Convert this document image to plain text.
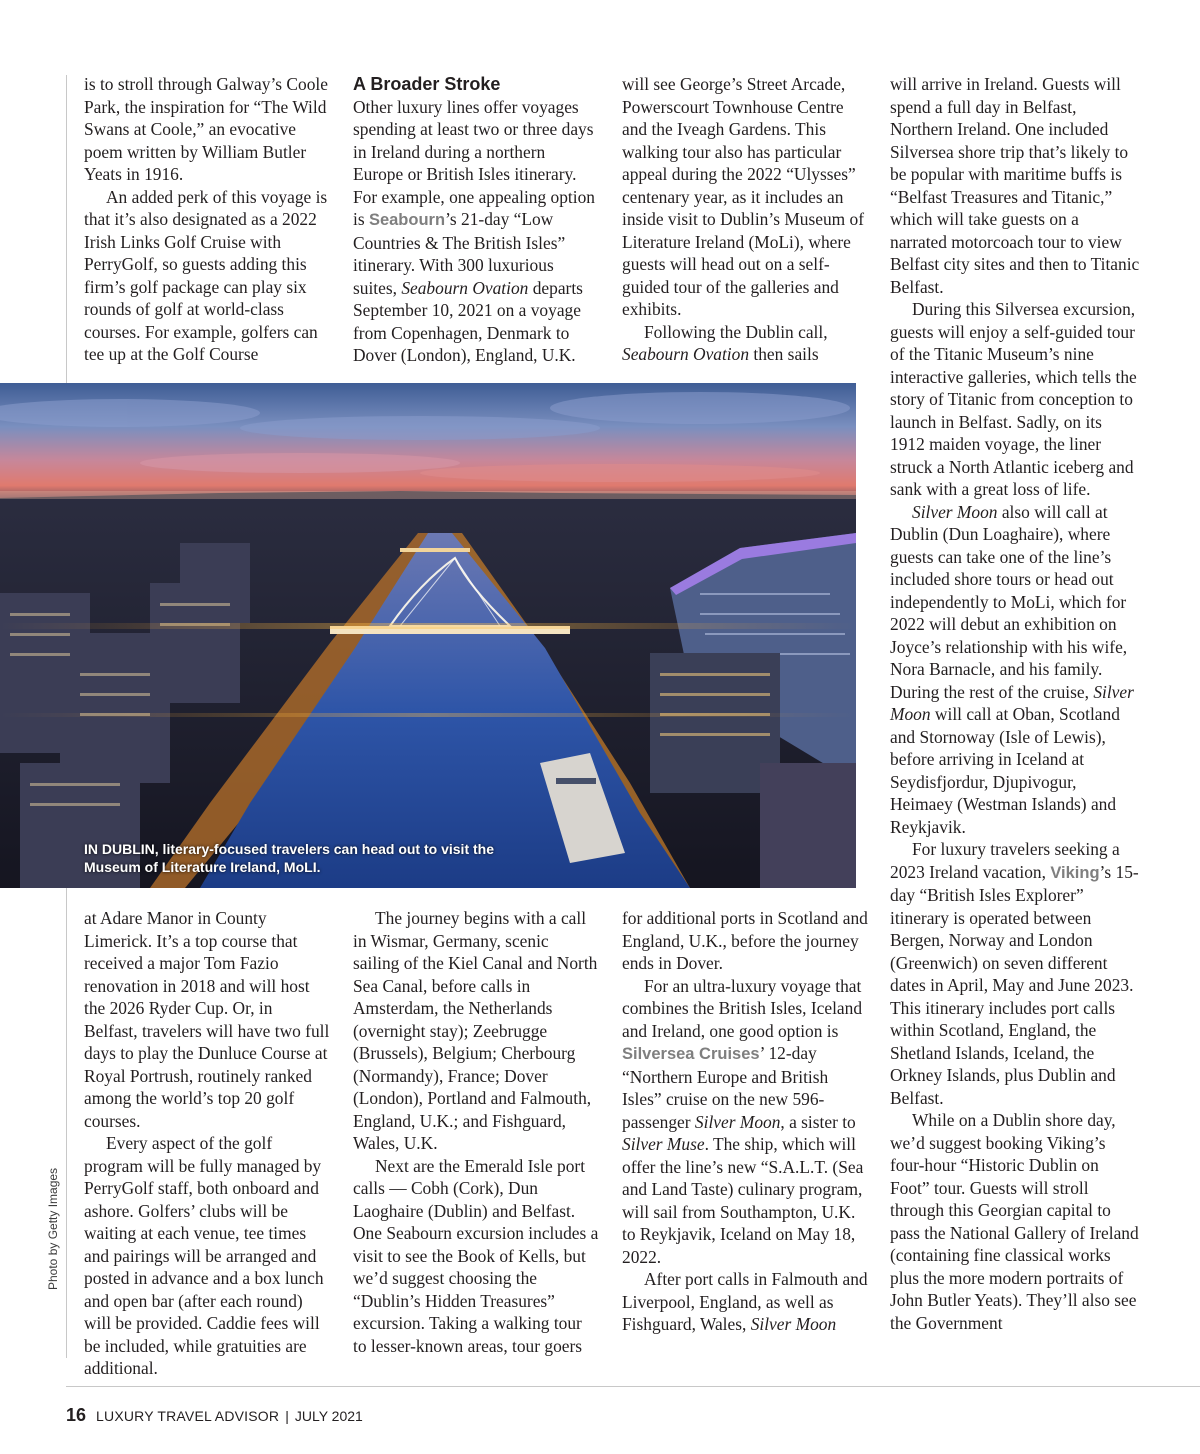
is to stroll through Galway’s Coole Park, the inspiration for “The Wild Swans at Coole,” an evocative poem written by William Butler Yeats in 1916.

An added perk of this voyage is that it’s also designated as a 2022 Irish Links Golf Cruise with PerryGolf, so guests adding this firm’s golf package can play six rounds of golf at world-class courses. For example, golfers can tee up at the Golf Course

A Broader Stroke

Other luxury lines offer voyages spending at least two or three days in Ireland during a northern Europe or British Isles itinerary. For example, one appealing option is Seabourn’s 21-day “Low Countries & The British Isles” itinerary. With 300 luxurious suites, Seabourn Ovation departs September 10, 2021 on a voyage from Copenhagen, Denmark to Dover (London), England, U.K.

will see George’s Street Arcade, Powerscourt Townhouse Centre and the Iveagh Gardens. This walking tour also has particular appeal during the 2022 “Ulysses” centenary year, as it includes an inside visit to Dublin’s Museum of Literature Ireland (MoLi), where guests will head out on a self-guided tour of the galleries and exhibits.

Following the Dublin call, Seabourn Ovation then sails

will arrive in Ireland. Guests will spend a full day in Belfast, Northern Ireland. One included Silversea shore trip that’s likely to be popular with maritime buffs is “Belfast Treasures and Titanic,” which will take guests on a narrated motorcoach tour to view Belfast city sites and then to Titanic Belfast.

During this Silversea excursion, guests will enjoy a self-guided tour of the Titanic Museum’s nine interactive galleries, which tells the story of Titanic from conception to launch in Belfast. Sadly, on its 1912 maiden voyage, the liner struck a North Atlantic iceberg and sank with a great loss of life.

Silver Moon also will call at Dublin (Dun Loaghaire), where guests can take one of the line’s included shore tours or head out independently to MoLi, which for 2022 will debut an exhibition on Joyce’s relationship with his wife, Nora Barnacle, and his family. During the rest of the cruise, Silver Moon will call at Oban, Scotland and Stornoway (Isle of Lewis), before arriving in Iceland at Seydisfjordur, Djupivogur, Heimaey (Westman Islands) and Reykjavik.

For luxury travelers seeking a 2023 Ireland vacation, Viking’s 15-day “British Isles Explorer” itinerary is operated between Bergen, Norway and London (Greenwich) on seven different dates in April, May and June 2023. This itinerary includes port calls within Scotland, England, the Shetland Islands, Iceland, the Orkney Islands, plus Dublin and Belfast.

While on a Dublin shore day, we’d suggest booking Viking’s four-hour “Historic Dublin on Foot” tour. Guests will stroll through this Georgian capital to pass the National Gallery of Ireland (containing fine classical works plus the more modern portraits of John Butler Yeats). They’ll also see the Government

IN DUBLIN, literary-focused travelers can head out to visit the Museum of Literature Ireland, MoLI.
Photo by Getty Images

at Adare Manor in County Limerick. It’s a top course that received a major Tom Fazio renovation in 2018 and will host the 2026 Ryder Cup. Or, in Belfast, travelers will have two full days to play the Dunluce Course at Royal Portrush, routinely ranked among the world’s top 20 golf courses.

Every aspect of the golf program will be fully managed by PerryGolf staff, both onboard and ashore. Golfers’ clubs will be waiting at each venue, tee times and pairings will be arranged and posted in advance and a box lunch and open bar (after each round) will be provided. Caddie fees will be included, while gratuities are additional.

The journey begins with a call in Wismar, Germany, scenic sailing of the Kiel Canal and North Sea Canal, before calls in Amsterdam, the Netherlands (overnight stay); Zeebrugge (Brussels), Belgium; Cherbourg (Normandy), France; Dover (London), Portland and Falmouth, England, U.K.; and Fishguard, Wales, U.K.

Next are the Emerald Isle port calls — Cobh (Cork), Dun Laoghaire (Dublin) and Belfast. One Seabourn excursion includes a visit to see the Book of Kells, but we’d suggest choosing the “Dublin’s Hidden Treasures” excursion. Taking a walking tour to lesser-known areas, tour goers

for additional ports in Scotland and England, U.K., before the journey ends in Dover.

For an ultra-luxury voyage that combines the British Isles, Iceland and Ireland, one good option is Silversea Cruises’ 12-day “Northern Europe and British Isles” cruise on the new 596-passenger Silver Moon, a sister to Silver Muse. The ship, which will offer the line’s new “S.A.L.T. (Sea and Land Taste) culinary program, will sail from Southampton, U.K. to Reykjavik, Iceland on May 18, 2022.

After port calls in Falmouth and Liverpool, England, as well as Fishguard, Wales, Silver Moon

16 LUXURY TRAVEL ADVISOR | JULY 2021
